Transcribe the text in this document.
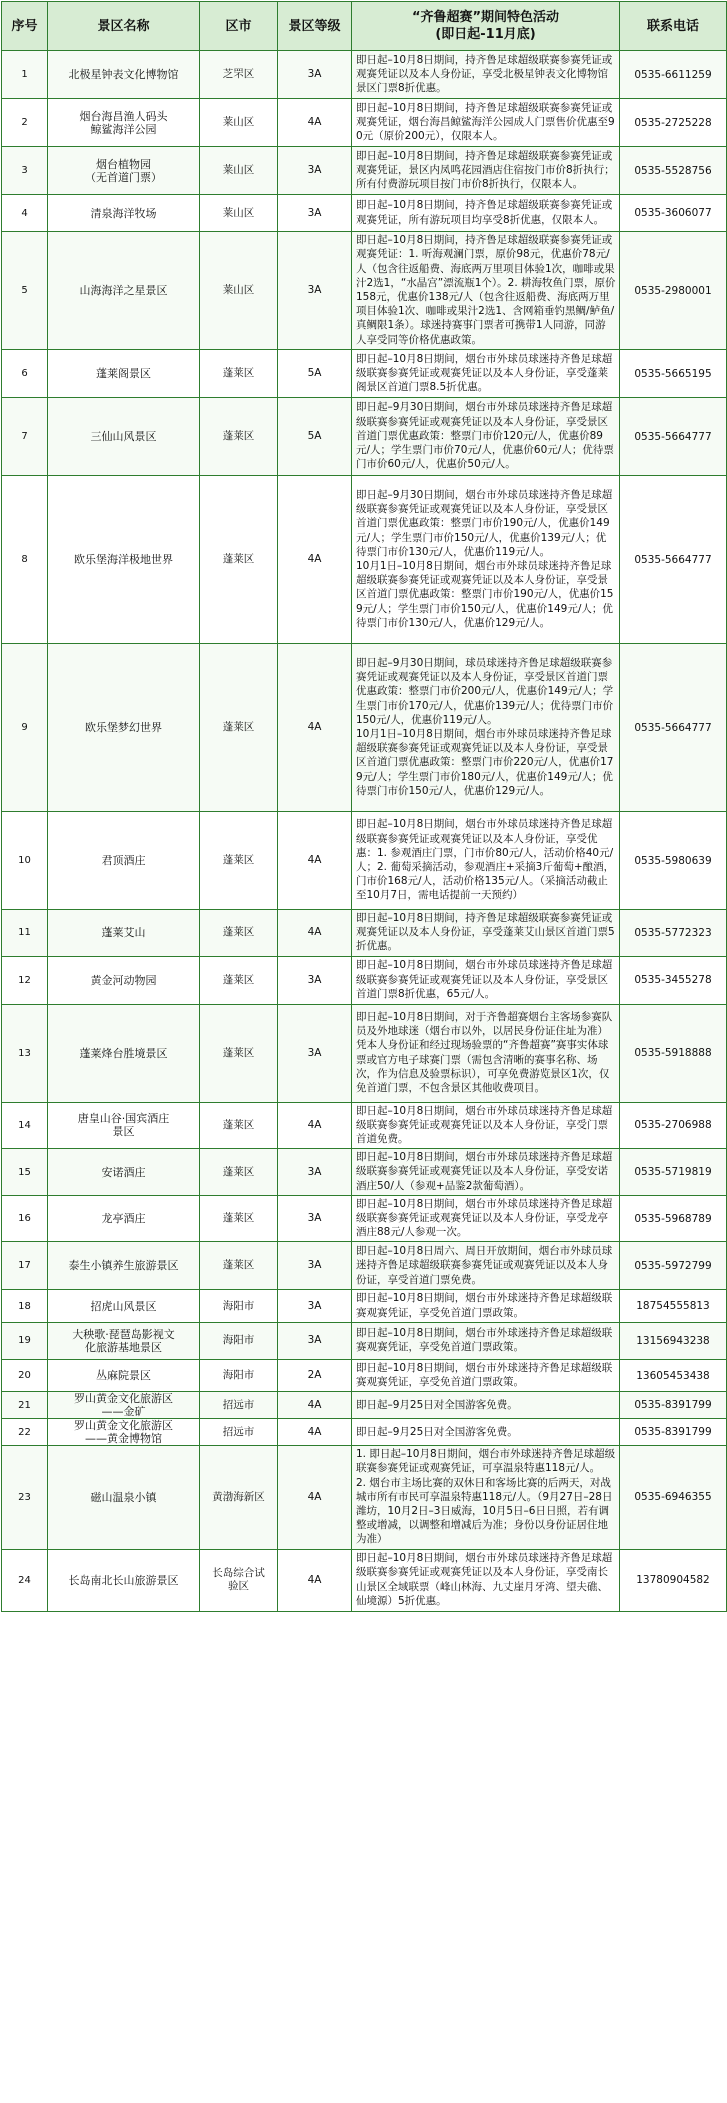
序号	景区名称	区市	景区等级	“齐鲁超赛”期间特色活动
(即日起-11月底)	联系电话
1	北极星钟表文化博物馆	芝罘区	3A	即日起–10月8日期间，持齐鲁足球超级联赛参赛凭证或观赛凭证以及本人身份证，享受北极星钟表文化博物馆景区门票8折优惠。	0535-6611259
2	烟台海昌渔人码头
鲸鲨海洋公园	莱山区	4A	即日起–10月8日期间，持齐鲁足球超级联赛参赛凭证或观赛凭证，烟台海昌鲸鲨海洋公园成人门票售价优惠至90元（原价200元），仅限本人。	0535-2725228
3	烟台植物园
（无首道门票）	莱山区	3A	即日起–10月8日期间，持齐鲁足球超级联赛参赛凭证或观赛凭证，景区内凤鸣花园酒店住宿按门市价8折执行；所有付费游玩项目按门市价8折执行，仅限本人。	0535-5528756
4	清泉海洋牧场	莱山区	3A	即日起–10月8日期间，持齐鲁足球超级联赛参赛凭证或观赛凭证，所有游玩项目均享受8折优惠，仅限本人。	0535-3606077
5	山海海洋之星景区	莱山区	3A	即日起–10月8日期间，持齐鲁足球超级联赛参赛凭证或观赛凭证：1. 听海观澜门票，原价98元，优惠价78元/人（包含往返船费、海底两万里项目体验1次，咖啡或果汁2选1，“水晶宫”漂流瓶1个）。2. 耕海牧鱼门票，原价158元，优惠价138元/人（包含往返船费、海底两万里项目体验1次、咖啡或果汁2选1、含网箱垂钓黑鲷/鲈鱼/真鲷限1条）。球迷持赛事门票者可携带1人同游，同游人享受同等价格优惠政策。	0535-2980001
6	蓬莱阁景区	蓬莱区	5A	即日起–10月8日期间，烟台市外球员球迷持齐鲁足球超级联赛参赛凭证或观赛凭证以及本人身份证，享受蓬莱阁景区首道门票8.5折优惠。	0535-5665195
7	三仙山风景区	蓬莱区	5A	即日起–9月30日期间，烟台市外球员球迷持齐鲁足球超级联赛参赛凭证或观赛凭证以及本人身份证，享受景区首道门票优惠政策：整票门市价120元/人，优惠价89元/人；学生票门市价70元/人，优惠价60元/人；优待票门市价60元/人，优惠价50元/人。	0535-5664777
8	欧乐堡海洋极地世界	蓬莱区	4A	即日起–9月30日期间，烟台市外球员球迷持齐鲁足球超级联赛参赛凭证或观赛凭证以及本人身份证，享受景区首道门票优惠政策：整票门市价190元/人，优惠价149元/人；学生票门市价150元/人，优惠价139元/人；优待票门市价130元/人，优惠价119元/人。
10月1日–10月8日期间，烟台市外球员球迷持齐鲁足球超级联赛参赛凭证或观赛凭证以及本人身份证，享受景区首道门票优惠政策：整票门市价190元/人，优惠价159元/人；学生票门市价150元/人，优惠价149元/人；优待票门市价130元/人，优惠价129元/人。	0535-5664777
9	欧乐堡梦幻世界	蓬莱区	4A	即日起–9月30日期间，球员球迷持齐鲁足球超级联赛参赛凭证或观赛凭证以及本人身份证，享受景区首道门票优惠政策：整票门市价200元/人，优惠价149元/人；学生票门市价170元/人，优惠价139元/人；优待票门市价150元/人，优惠价119元/人。
10月1日–10月8日期间，烟台市外球员球迷持齐鲁足球超级联赛参赛凭证或观赛凭证以及本人身份证，享受景区首道门票优惠政策：整票门市价220元/人，优惠价179元/人；学生票门市价180元/人，优惠价149元/人；优待票门市价150元/人，优惠价129元/人。	0535-5664777
10	君顶酒庄	蓬莱区	4A	即日起–10月8日期间，烟台市外球员球迷持齐鲁足球超级联赛参赛凭证或观赛凭证以及本人身份证，享受优惠：1. 参观酒庄门票，门市价80元/人，活动价格40元/人；2. 葡萄采摘活动，参观酒庄+采摘3斤葡萄+酿酒，门市价168元/人，活动价格135元/人。（采摘活动截止至10月7日，需电话提前一天预约）	0535-5980639
11	蓬莱艾山	蓬莱区	4A	即日起–10月8日期间，持齐鲁足球超级联赛参赛凭证或观赛凭证以及本人身份证，享受蓬莱艾山景区首道门票5折优惠。	0535-5772323
12	黄金河动物园	蓬莱区	3A	即日起–10月8日期间，烟台市外球员球迷持齐鲁足球超级联赛参赛凭证或观赛凭证以及本人身份证，享受景区首道门票8折优惠，65元/人。	0535-3455278
13	蓬莱烽台胜境景区	蓬莱区	3A	即日起–10月8日期间，对于齐鲁超赛烟台主客场参赛队员及外地球迷（烟台市以外，以居民身份证住址为准）凭本人身份证和经过现场验票的“齐鲁超赛”赛事实体球票或官方电子球赛门票（需包含清晰的赛事名称、场次，作为信息及验票标识），可享免费游览景区1次，仅免首道门票，不包含景区其他收费项目。	0535-5918888
14	唐皇山谷·国宾酒庄
景区	蓬莱区	4A	即日起–10月8日期间，烟台市外球员球迷持齐鲁足球超级联赛参赛凭证或观赛凭证以及本人身份证，享受门票首道免费。	0535-2706988
15	安诺酒庄	蓬莱区	3A	即日起–10月8日期间，烟台市外球员球迷持齐鲁足球超级联赛参赛凭证或观赛凭证以及本人身份证，享受安诺酒庄50/人（参观+品鉴2款葡萄酒）。	0535-5719819
16	龙亭酒庄	蓬莱区	3A	即日起–10月8日期间，烟台市外球员球迷持齐鲁足球超级联赛参赛凭证或观赛凭证以及本人身份证，享受龙亭酒庄88元/人参观一次。	0535-5968789
17	泰生小镇养生旅游景区	蓬莱区	3A	即日起–10月8日周六、周日开放期间，烟台市外球员球迷持齐鲁足球超级联赛参赛凭证或观赛凭证以及本人身份证，享受首道门票免费。	0535-5972799
18	招虎山风景区	海阳市	3A	即日起–10月8日期间，烟台市外球迷持齐鲁足球超级联赛观赛凭证，享受免首道门票政策。	18754555813
19	大秧歌·琵琶岛影视文
化旅游基地景区	海阳市	3A	即日起–10月8日期间，烟台市外球迷持齐鲁足球超级联赛观赛凭证，享受免首道门票政策。	13156943238
20	丛麻院景区	海阳市	2A	即日起–10月8日期间，烟台市外球迷持齐鲁足球超级联赛观赛凭证，享受免首道门票政策。	13605453438
21	罗山黄金文化旅游区
——金矿	招远市	4A	即日起–9月25日对全国游客免费。	0535-8391799
22	罗山黄金文化旅游区
——黄金博物馆	招远市	4A	即日起–9月25日对全国游客免费。	0535-8391799
23	磁山温泉小镇	黄渤海新区	4A	1. 即日起–10月8日期间，烟台市外球迷持齐鲁足球超级联赛参赛凭证或观赛凭证，可享温泉特惠118元/人。
2. 烟台市主场比赛的双休日和客场比赛的后两天，对战城市所有市民可享温泉特惠118元/人。（9月27日–28日潍坊，10月2日–3日威海，10月5日–6日日照，若有调整或增减，以调整和增减后为准；身份以身份证居住地为准）	0535-6946355
24	长岛南北长山旅游景区	长岛综合试
验区	4A	即日起–10月8日期间，烟台市外球员球迷持齐鲁足球超级联赛参赛凭证或观赛凭证以及本人身份证，享受南长山景区全域联票（峰山林海、九丈崖月牙湾、望夫礁、仙境源）5折优惠。	13780904582
